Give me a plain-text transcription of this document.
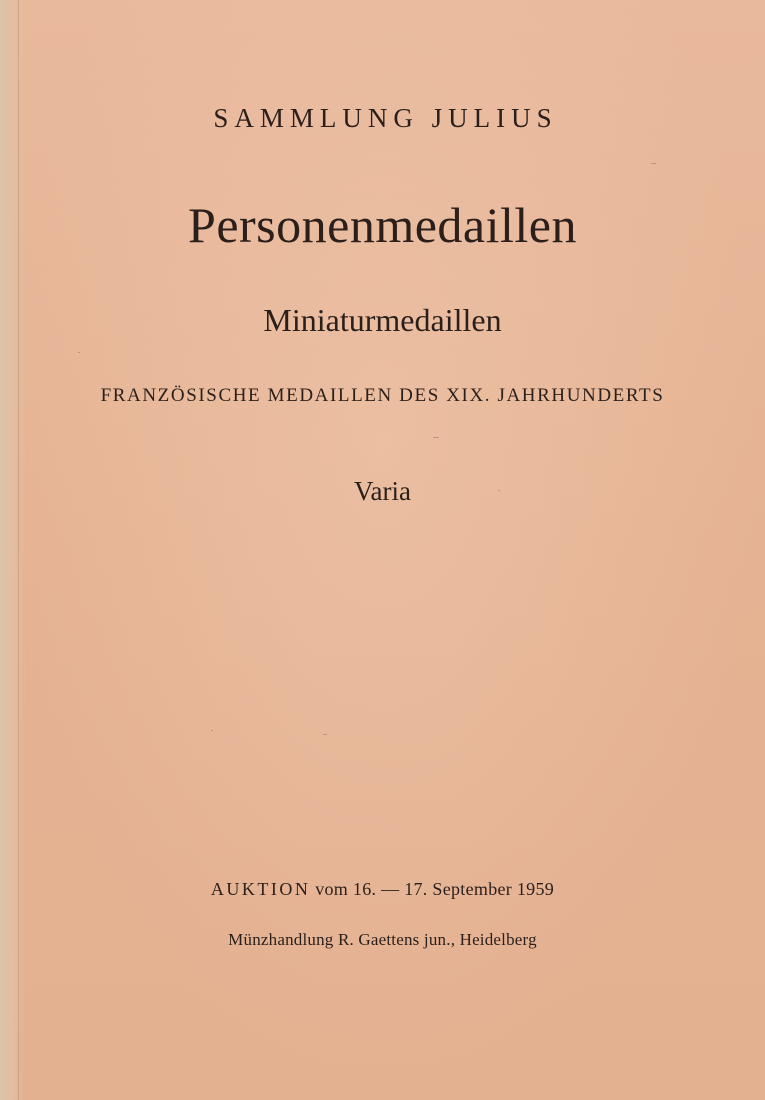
SAMMLUNG JULIUS
Personenmedaillen
Miniaturmedaillen
FRANZÖSISCHE MEDAILLEN DES XIX. JAHRHUNDERTS
Varia
AUKTION vom 16. — 17. September 1959
Münzhandlung R. Gaettens jun., Heidelberg
